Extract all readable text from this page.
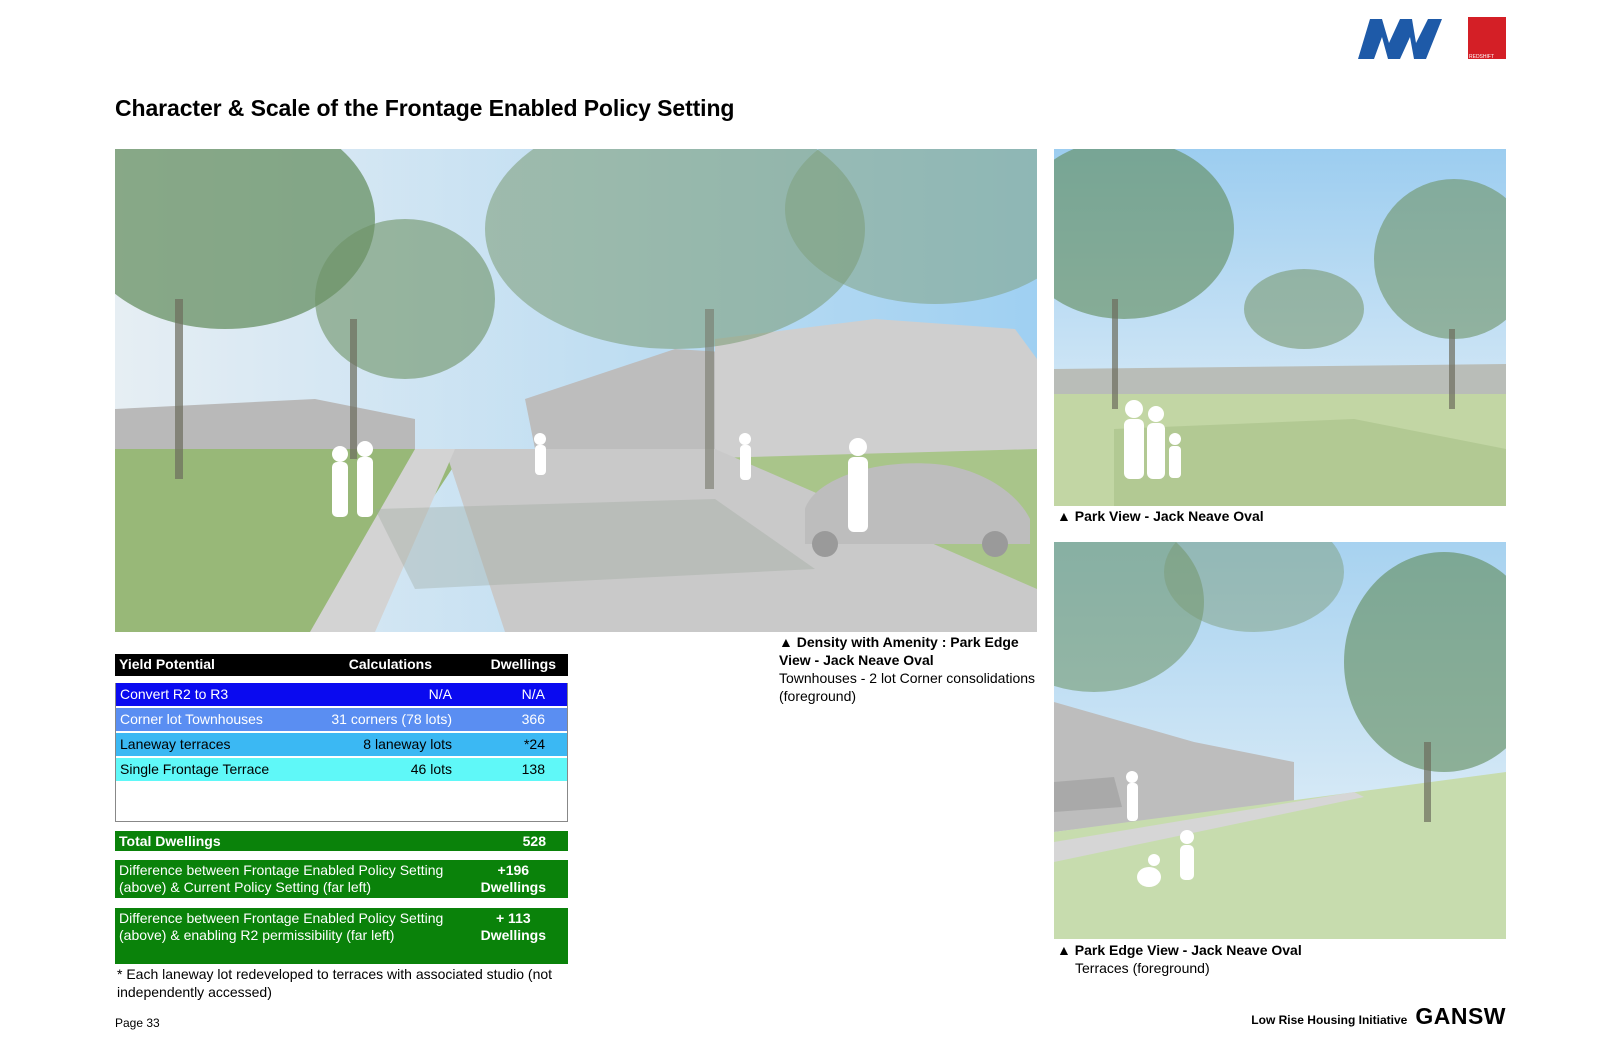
REDSHIFT
Character & Scale of the Frontage Enabled Policy Setting
▲ Density with Amenity : Park Edge View - Jack Neave Oval
Townhouses - 2 lot Corner consolidations (foreground)
▲ Park View - Jack Neave Oval
▲ Park Edge View - Jack Neave Oval
Terraces (foreground)
Yield Potential	Calculations	Dwellings
Convert R2 to R3	N/A	N/A
Corner lot Townhouses	31 corners (78 lots)	366
Laneway terraces	8 laneway lots	*24
Single Frontage Terrace	46 lots	138
Total Dwellings	528
Difference between Frontage Enabled Policy Setting (above) & Current Policy Setting (far left)
+196
Dwellings
Difference between Frontage Enabled Policy Setting (above) & enabling R2 permissibility (far left)
+ 113
Dwellings
* Each laneway lot redeveloped to terraces with associated studio (not independently accessed)
Page 33	Low Rise Housing Initiative GANSW
